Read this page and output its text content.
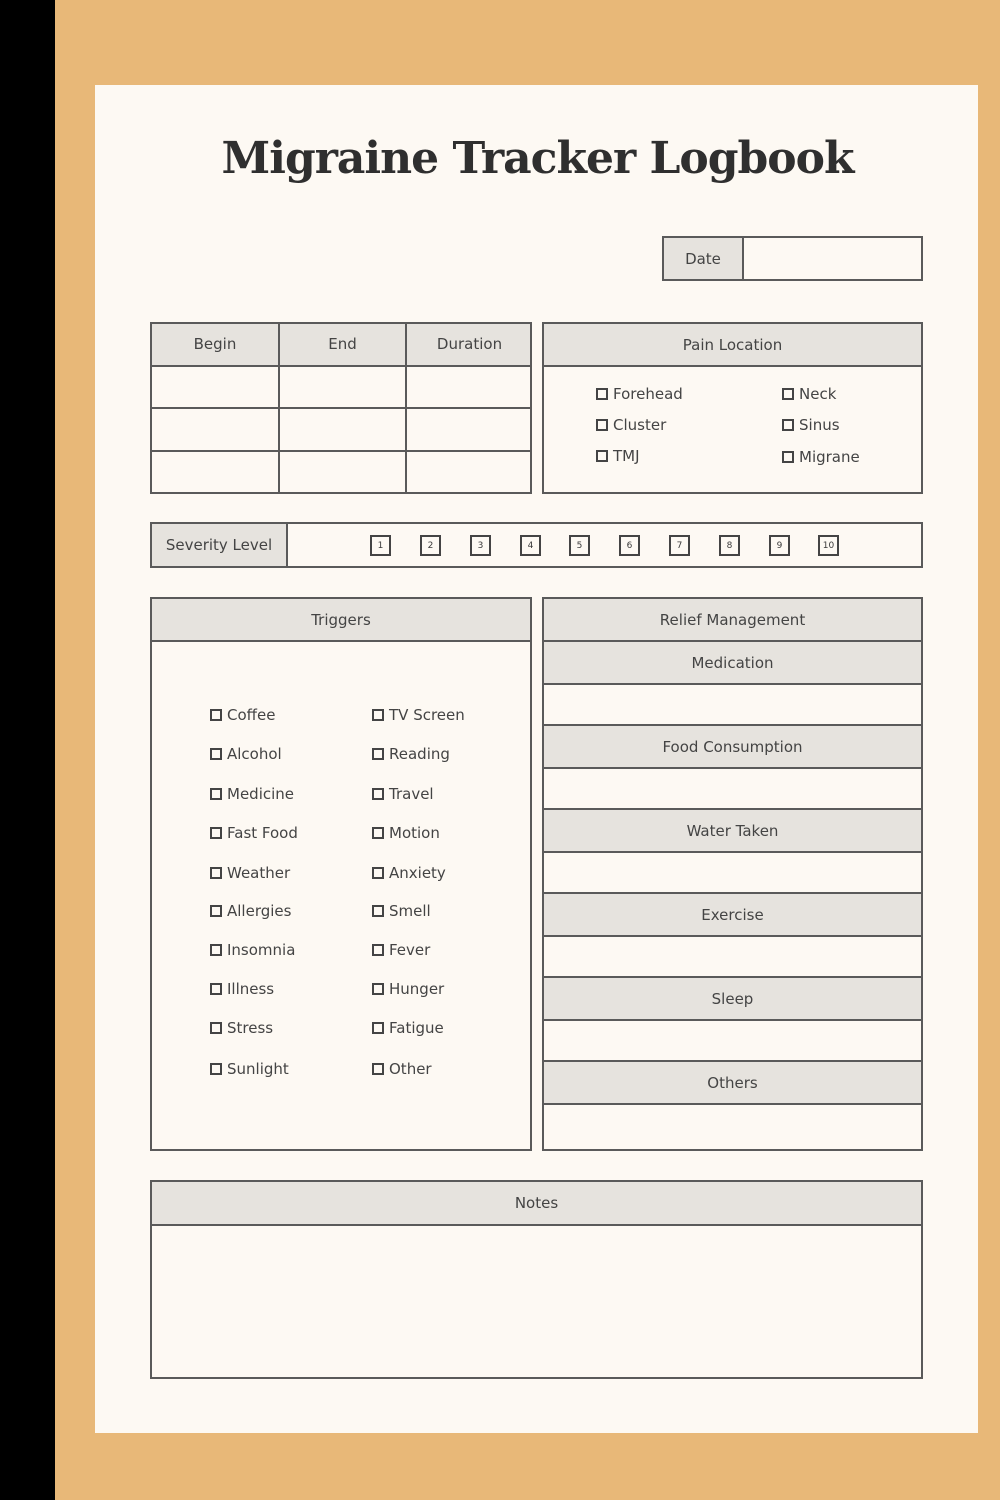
Migraine Tracker Logbook
Date
Begin	End	Duration	Pain Location
Forehead
Cluster
TMJ
Neck
Sinus
Migrane
Severity Level	1	2	3	4	5	6	7	8	9	10
Triggers
Coffee
Alcohol
Medicine
Fast Food
Weather
Allergies
Insomnia
Illness
Stress
Sunlight
TV Screen
Reading
Travel
Motion
Anxiety
Smell
Fever
Hunger
Fatigue
Other
Relief Management
Medication
Food Consumption
Water Taken
Exercise
Sleep
Others
Notes
